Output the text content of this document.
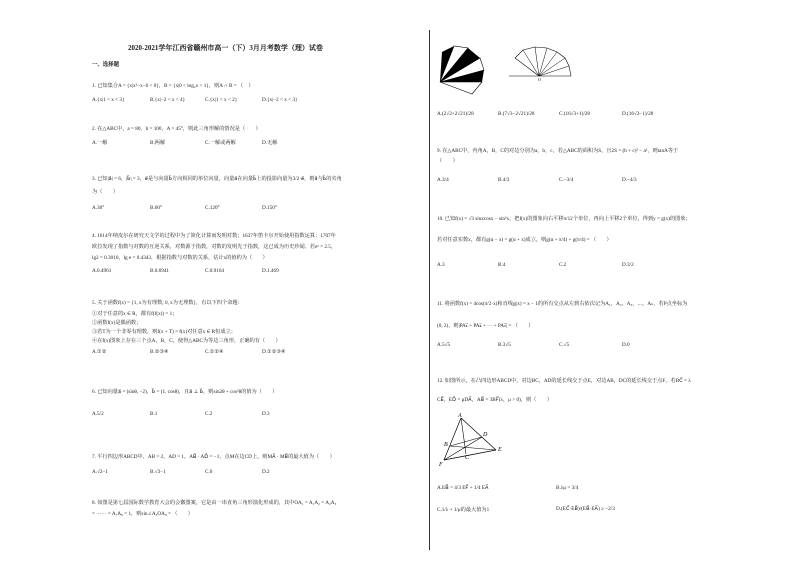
2020-2021学年江西省赣州市高一（下）3月月考数学（理）试卷
一、选择题
1. 已知集合A = {x|x²−x−6 < 0}，B = {x|0 < log₂x < 1}，则A ∩ B = （　）
A.{x|1 < x < 3}	B.{x|−2 < x < 4}	C.{x|1 < x < 2}	D.{x|−2 < x < 3}
2. 在△ABC中，a = 80，b = 100，A = 45°，则此三角形解的情况是（　　）
A.一解	B.两解	C.一解或两解	D.无解
3. 已知|a⃗| = 6，|b⃗| = 3，e⃗是与向量b⃗方向相同的单位向量，向量a⃗在向量b⃗上的投影向量为3/2·e⃗，则a⃗与b⃗的夹角
为（　　）
A.30°	B.60°	C.120°	D.150°
4. 1614年纳皮尔在研究天文学的过程中为了简化计算而发明对数；1637年笛卡尔开始使用指数运算；1707年
欧拉发现了指数与对数的互逆关系，对数源于指数，对数的发明先于指数，这已成为历史珍闻．若eˣ = 2.5，
lg2 = 0.3010，lg e = 0.4343，根据指数与对数的关系，估计x的值约为（　　）
A.0.4961	B.0.6941	C.0.9164	D.1.469
5. 关于函数f(x) = {1, x为有理数; 0, x为无理数}，有以下四个命题：
①对于任意的x ∈ R，都有f(f(x)) = 1；
②函数f(x)是偶函数；
③若T为一个非零有理数，则f(x + T) = f(x)对任意x ∈ R恒成立；
④在f(x)图象上存在三个点A，B，C，使得△ABC为等边三角形，正确的有（　　）
A.①②	B.②③④	C.①②④	D.①②③④
6. 已知向量a⃗ = (sinθ, −2)，b⃗ = (1, cosθ)，且a⃗ ⊥ b⃗，则sin2θ + cos²θ的值为（　　）
A.5/2	B.1	C.2	D.3
7. 平行四边形ABCD中，AB = 2，AD = 1，AB⃗ · AD⃗ = −1，点M在边CD上，则MA⃗ · MB⃗的最大值为（　　）
A.√2−1	B.√3−1	C.0	D.2
8. 如图是第七届国际数学教育大会的会徽图案，它是由一串直角三角形演化形成的，其中OA₁ = A₁A₂ = A₂A₃
= ⋯⋯ = A₇A₈ = 1，则sin∠A₅OA₈ = （　　）
O
A.(2√2+2√21)/28	B.(7√3−2√21)/28	C.(16√3+1)/28	D.(16√3−1)/28
9. 在△ABC中，内角A，B，C的对边分别为a，b，c，若△ABC的面积为S，且2S = (b + c)² − a²，则tanA等于
（　　）
A.3/4	B.4/3	C.−3/4	D.−4/3
10. 已知f(x) = √3 sinxcosx − sin²x，把f(x)的图象向右平移π/12个单位，再向上平移2个单位，得到y = g(x)的图象；
若对任意实数x，都有g(α − x) = g(α + x)成立，则g(α + π/4) + g(π/4) = （　　）
A.3	B.4	C.2	D.3/2
11. 将函数f(x) = 4cos(π/2·x)和直线g(x) = x − 1的所有交点从左到右依次记为A₁，A₂，A₃，⋯，Aₙ，若P点坐标为
(0, 2)，则|PA₁⃗ + PA₂⃗ + ⋯ + PAₙ⃗| = （　　）
A.5√5	B.3√5	C.√5	D.0
12. 如图所示，在凸四边形ABCD中，对边BC，AD的延长线交于点E，对边AB，DC的延长线交于点F，若BC⃗ = λ
CE⃗，ED⃗ = μDA⃗，AB⃗ = 3BF⃗(λ，μ > 0)，则（　　）
A
B
C
D
E
F
A.EB⃗ = 4/3 EF⃗ + 1/4 EA⃗	B.λμ = 3/4
C.1/λ + 1/μ的最大值为1	D.(EC⃗·EB⃗)/(EB⃗·EA⃗) ≥ −2/3
